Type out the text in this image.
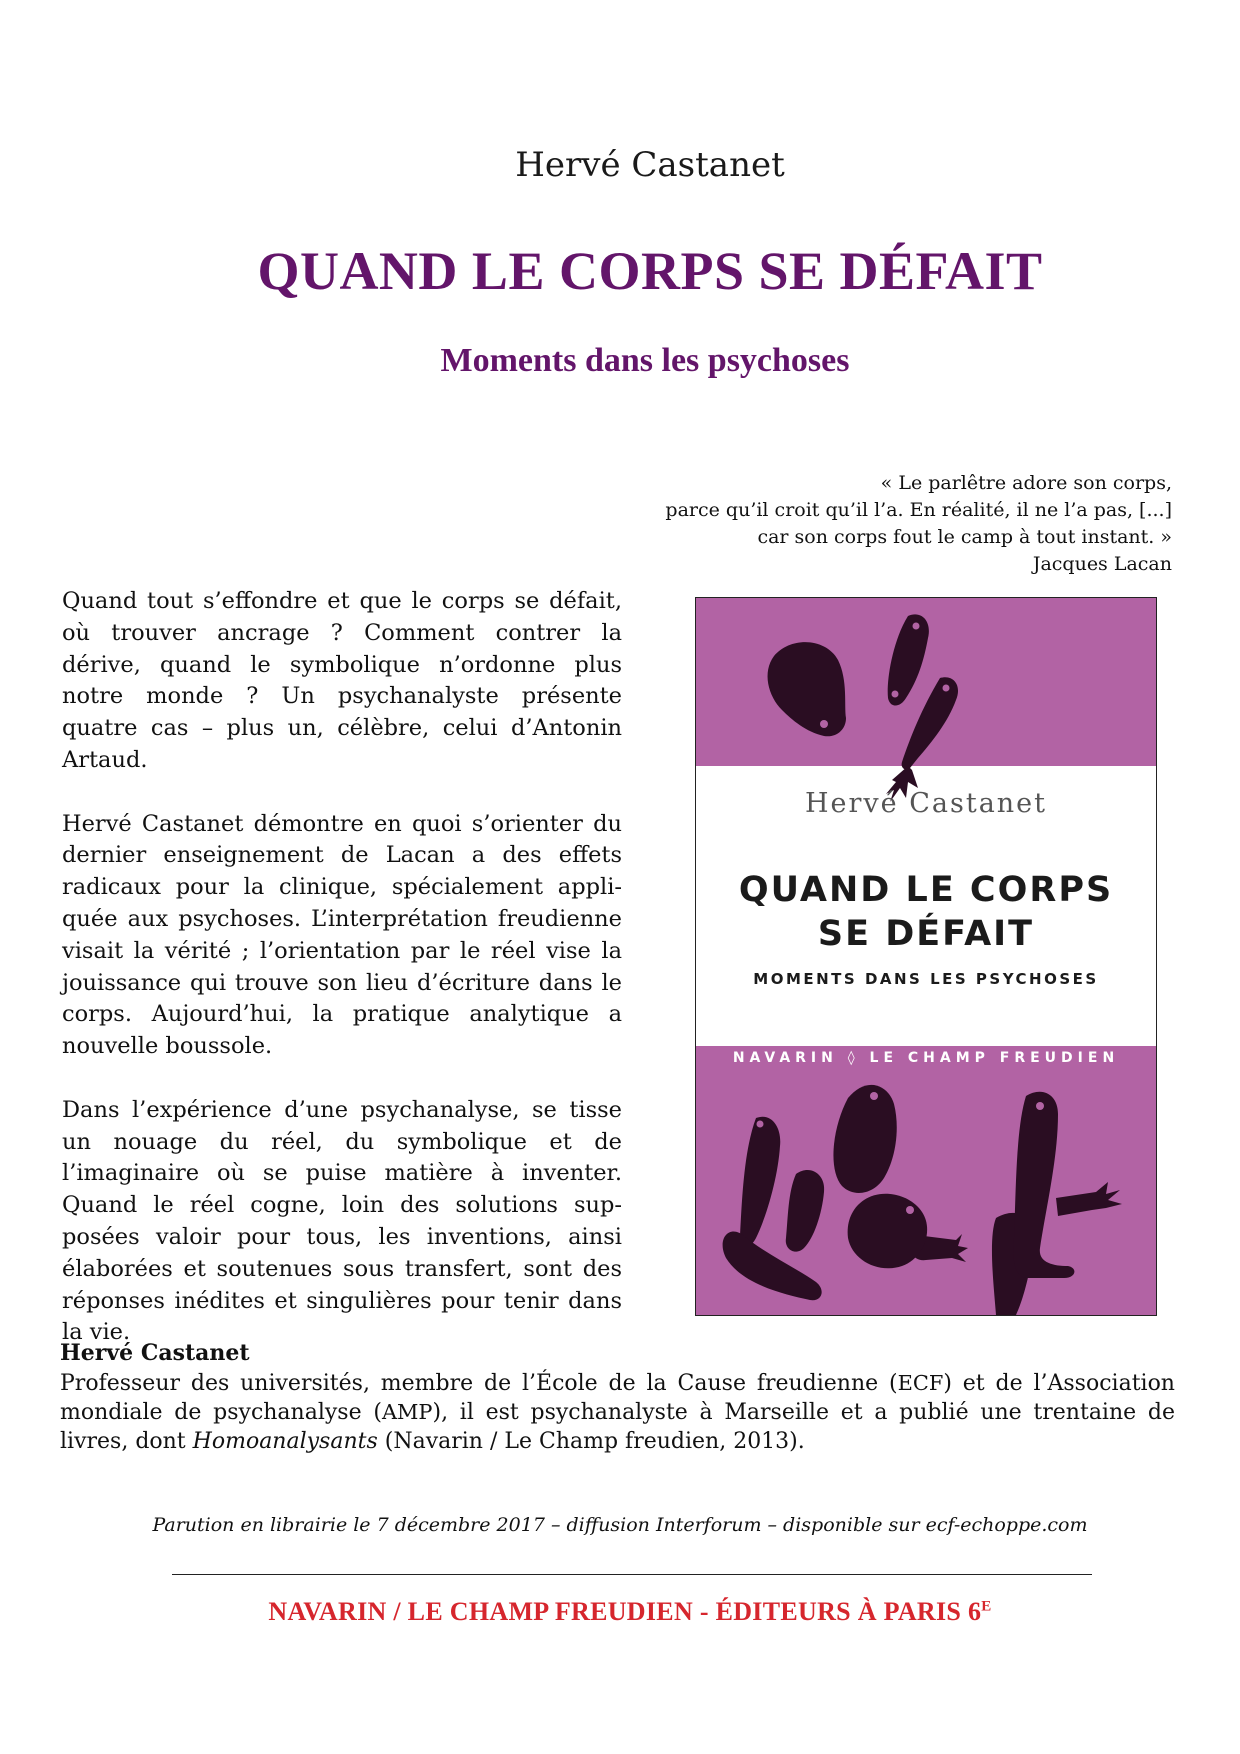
Hervé Castanet
QUAND LE CORPS SE DÉFAIT
Moments dans les psychoses
« Le parlêtre adore son corps,
parce qu’il croit qu’il l’a. En réalité, il ne l’a pas, [...]
car son corps fout le camp à tout instant. »
Jacques Lacan

Quand tout s’effondre et que le corps se défait, où trouver ancrage ? Comment contrer la dérive, quand le symbolique n’ordonne plus notre monde ? Un psychanalyste présente quatre cas – plus un, célèbre, celui d’Antonin Artaud.

Hervé Castanet démontre en quoi s’orienter du dernier enseignement de Lacan a des effets radicaux pour la clinique, spécialement appliquée aux psychoses. L’interprétation freudienne visait la vérité ; l’orientation par le réel vise la jouissance qui trouve son lieu d’écriture dans le corps. Aujourd’hui, la pratique analytique a nouvelle boussole.

Dans l’expérience d’une psychanalyse, se tisse un nouage du réel, du symbolique et de l’imaginaire où se puise matière à inventer. Quand le réel cogne, loin des solutions supposées valoir pour tous, les inventions, ainsi élaborées et soutenues sous transfert, sont des réponses inédites et singulières pour tenir dans la vie.

Hervé Castanet
QUAND LE CORPS
SE DÉFAIT
MOMENTS DANS LES PSYCHOSES
NAVARIN ◊ LE CHAMP FREUDIEN
Hervé Castanet
Professeur des universités, membre de l’École de la Cause freudienne (ECF) et de l’Association mondiale de psychanalyse (AMP), il est psychanalyste à Marseille et a publié une trentaine de livres, dont Homoanalysants (Navarin / Le Champ freudien, 2013).
Parution en librairie le 7 décembre 2017 – diffusion Interforum – disponible sur ecf-echoppe.com
NAVARIN / LE CHAMP FREUDIEN - ÉDITEURS À PARIS $6^E$
